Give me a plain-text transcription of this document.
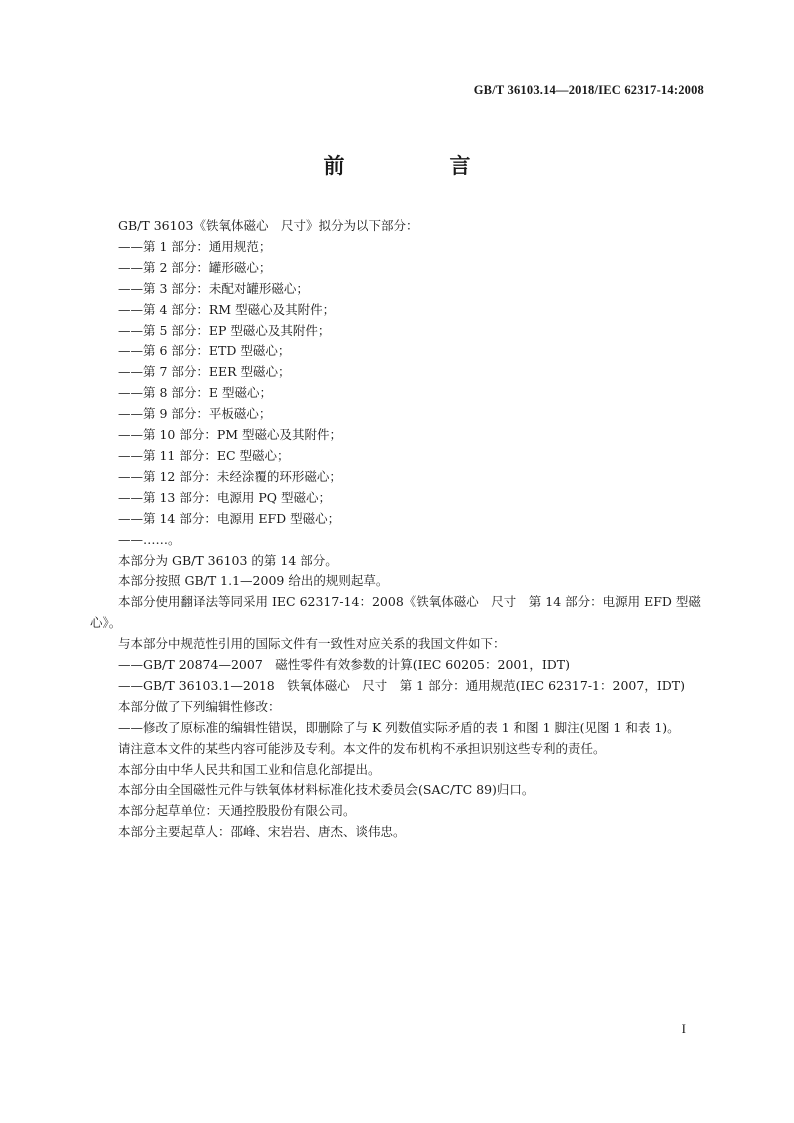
GB/T 36103.14—2018/IEC 62317-14:2008
前　言

GB/T 36103《铁氧体磁心　尺寸》拟分为以下部分：

——第 1 部分：通用规范；

——第 2 部分：罐形磁心；

——第 3 部分：未配对罐形磁心；

——第 4 部分：RM 型磁心及其附件；

——第 5 部分：EP 型磁心及其附件；

——第 6 部分：ETD 型磁心；

——第 7 部分：EER 型磁心；

——第 8 部分：E 型磁心；

——第 9 部分：平板磁心；

——第 10 部分：PM 型磁心及其附件；

——第 11 部分：EC 型磁心；

——第 12 部分：未经涂覆的环形磁心；

——第 13 部分：电源用 PQ 型磁心；

——第 14 部分：电源用 EFD 型磁心；

——……。

本部分为 GB/T 36103 的第 14 部分。

本部分按照 GB/T 1.1—2009 给出的规则起草。

本部分使用翻译法等同采用 IEC 62317-14：2008《铁氧体磁心　尺寸　第 14 部分：电源用 EFD 型磁心》。

与本部分中规范性引用的国际文件有一致性对应关系的我国文件如下：

——GB/T 20874—2007　磁性零件有效参数的计算(IEC 60205：2001，IDT)

——GB/T 36103.1—2018　铁氧体磁心　尺寸　第 1 部分：通用规范(IEC 62317-1：2007，IDT)

本部分做了下列编辑性修改：

——修改了原标准的编辑性错误，即删除了与 K 列数值实际矛盾的表 1 和图 1 脚注(见图 1 和表 1)。

请注意本文件的某些内容可能涉及专利。本文件的发布机构不承担识别这些专利的责任。

本部分由中华人民共和国工业和信息化部提出。

本部分由全国磁性元件与铁氧体材料标准化技术委员会(SAC/TC 89)归口。

本部分起草单位：天通控股股份有限公司。

本部分主要起草人：邵峰、宋岩岩、唐杰、谈伟忠。

I
